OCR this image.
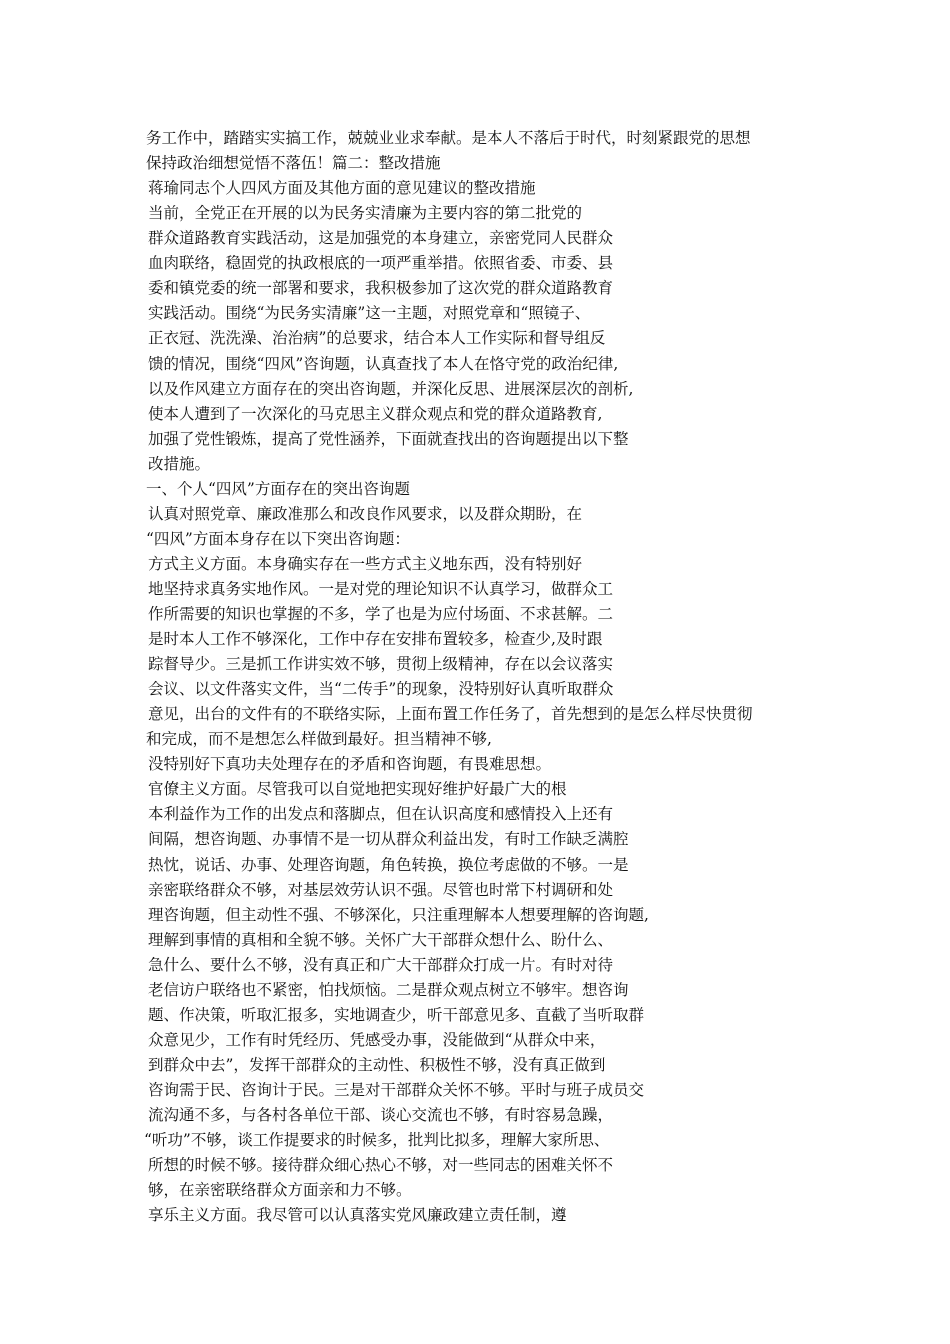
务工作中，踏踏实实搞工作，兢兢业业求奉献。是本人不落后于时代，时刻紧跟党的思想
保持政治细想觉悟不落伍！篇二：整改措施
蒋瑜同志个人四风方面及其他方面的意见建议的整改措施
当前，全党正在开展的以为民务实清廉为主要内容的第二批党的
群众道路教育实践活动，这是加强党的本身建立，亲密党同人民群众
血肉联络，稳固党的执政根底的一项严重举措。依照省委、市委、县
委和镇党委的统一部署和要求，我积极参加了这次党的群众道路教育
实践活动。围绕“为民务实清廉”这一主题，对照党章和“照镜子、
正衣冠、洗洗澡、治治病”的总要求，结合本人工作实际和督导组反
馈的情况，围绕“四风”咨询题，认真查找了本人在恪守党的政治纪律,
以及作风建立方面存在的突出咨询题，并深化反思、进展深层次的剖析,
使本人遭到了一次深化的马克思主义群众观点和党的群众道路教育,
加强了党性锻炼，提高了党性涵养，下面就查找出的咨询题提出以下整
改措施。
一、个人“四风”方面存在的突出咨询题
认真对照党章、廉政准那么和改良作风要求，以及群众期盼，在
“四风”方面本身存在以下突出咨询题：
方式主义方面。本身确实存在一些方式主义地东西，没有特别好
地坚持求真务实地作风。一是对党的理论知识不认真学习，做群众工
作所需要的知识也掌握的不多，学了也是为应付场面、不求甚解。二
是时本人工作不够深化，工作中存在安排布置较多，检查少,及时跟
踪督导少。三是抓工作讲实效不够，贯彻上级精神，存在以会议落实
会议、以文件落实文件，当“二传手”的现象，没特别好认真听取群众
意见，出台的文件有的不联络实际，上面布置工作任务了，首先想到的是怎么样尽快贯彻
和完成，而不是想怎么样做到最好。担当精神不够,
没特别好下真功夫处理存在的矛盾和咨询题，有畏难思想。
官僚主义方面。尽管我可以自觉地把实现好维护好最广大的根
本利益作为工作的出发点和落脚点，但在认识高度和感情投入上还有
间隔，想咨询题、办事情不是一切从群众利益出发，有时工作缺乏满腔
热忱，说话、办事、处理咨询题，角色转换，换位考虑做的不够。一是
亲密联络群众不够，对基层效劳认识不强。尽管也时常下村调研和处
理咨询题，但主动性不强、不够深化，只注重理解本人想要理解的咨询题,
理解到事情的真相和全貌不够。关怀广大干部群众想什么、盼什么、
急什么、要什么不够，没有真正和广大干部群众打成一片。有时对待
老信访户联络也不紧密，怕找烦恼。二是群众观点树立不够牢。想咨询
题、作决策，听取汇报多，实地调查少，听干部意见多、直截了当听取群
众意见少，工作有时凭经历、凭感受办事，没能做到“从群众中来，
到群众中去”，发挥干部群众的主动性、积极性不够，没有真正做到
咨询需于民、咨询计于民。三是对干部群众关怀不够。平时与班子成员交
流沟通不多，与各村各单位干部、谈心交流也不够，有时容易急躁，
“听功”不够，谈工作提要求的时候多，批判比拟多，理解大家所思、
所想的时候不够。接待群众细心热心不够，对一些同志的困难关怀不
够，在亲密联络群众方面亲和力不够。
享乐主义方面。我尽管可以认真落实党风廉政建立责任制，遵
